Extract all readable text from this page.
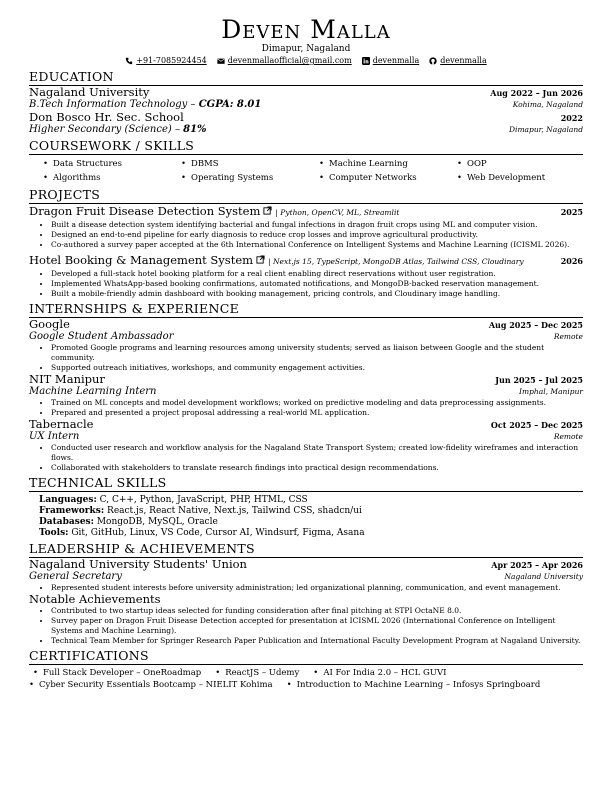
Deven Malla
Dimapur, Nagaland
+91-7085924454	devenmallaofficial@gmail.com	devenmalla	devenmalla
EDUCATION
Nagaland University	Aug 2022 – Jun 2026
B.Tech Information Technology – CGPA: 8.01	Kohima, Nagaland
Don Bosco Hr. Sec. School	2022
Higher Secondary (Science) – 81%	Dimapur, Nagaland
COURSEWORK / SKILLS
• Data Structures	• DBMS	• Machine Learning	• OOP
• Algorithms	• Operating Systems	• Computer Networks	• Web Development
PROJECTS
Dragon Fruit Disease Detection System | Python, OpenCV, ML, Streamlit	2025
• Built a disease detection system identifying bacterial and fungal infections in dragon fruit crops using ML and computer vision.
• Designed an end-to-end pipeline for early diagnosis to reduce crop losses and improve agricultural productivity.
• Co-authored a survey paper accepted at the 6th International Conference on Intelligent Systems and Machine Learning (ICISML 2026).
Hotel Booking & Management System | Next.js 15, TypeScript, MongoDB Atlas, Tailwind CSS, Cloudinary	2026
• Developed a full-stack hotel booking platform for a real client enabling direct reservations without user registration.
• Implemented WhatsApp-based booking confirmations, automated notifications, and MongoDB-backed reservation management.
• Built a mobile-friendly admin dashboard with booking management, pricing controls, and Cloudinary image handling.
INTERNSHIPS & EXPERIENCE
Google	Aug 2025 – Dec 2025
Google Student Ambassador	Remote
• Promoted Google programs and learning resources among university students; served as liaison between Google and the student community.
• Supported outreach initiatives, workshops, and community engagement activities.
NIT Manipur	Jun 2025 – Jul 2025
Machine Learning Intern	Imphal, Manipur
• Trained on ML concepts and model development workflows; worked on predictive modeling and data preprocessing assignments.
• Prepared and presented a project proposal addressing a real-world ML application.
Tabernacle	Oct 2025 – Dec 2025
UX Intern	Remote
• Conducted user research and workflow analysis for the Nagaland State Transport System; created low-fidelity wireframes and interaction flows.
• Collaborated with stakeholders to translate research findings into practical design recommendations.
TECHNICAL SKILLS
Languages: C, C++, Python, JavaScript, PHP, HTML, CSS
Frameworks: React.js, React Native, Next.js, Tailwind CSS, shadcn/ui
Databases: MongoDB, MySQL, Oracle
Tools: Git, GitHub, Linux, VS Code, Cursor AI, Windsurf, Figma, Asana
LEADERSHIP & ACHIEVEMENTS
Nagaland University Students' Union	Apr 2025 – Apr 2026
General Secretary	Nagaland University
• Represented student interests before university administration; led organizational planning, communication, and event management.
Notable Achievements
• Contributed to two startup ideas selected for funding consideration after final pitching at STPI OctaNE 8.0.
• Survey paper on Dragon Fruit Disease Detection accepted for presentation at ICISML 2026 (International Conference on Intelligent Systems and Machine Learning).
• Technical Team Member for Springer Research Paper Publication and International Faculty Development Program at Nagaland University.
CERTIFICATIONS
• Full Stack Developer – OneRoadmap	• ReactJS – Udemy	• AI For India 2.0 – HCL GUVI
• Cyber Security Essentials Bootcamp – NIELIT Kohima	• Introduction to Machine Learning – Infosys Springboard
